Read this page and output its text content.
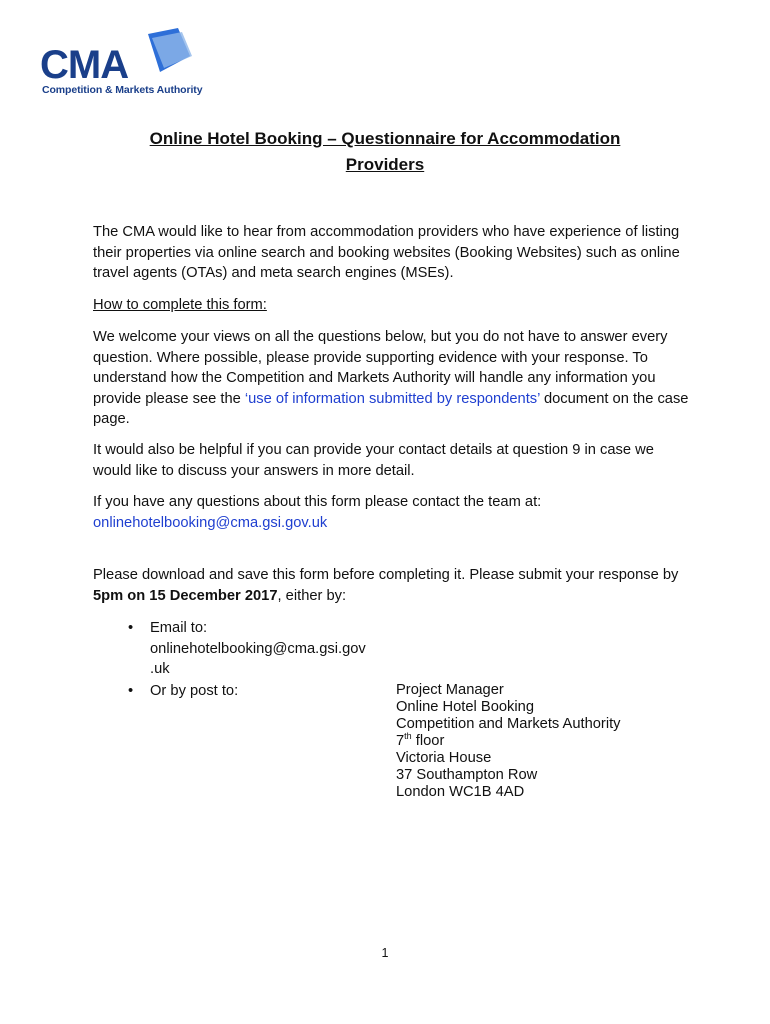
CMA
Competition & Markets Authority
Online Hotel Booking – Questionnaire for Accommodation
Providers
The CMA would like to hear from accommodation providers who have experience of listing their properties via online search and booking websites (Booking Websites) such as online travel agents (OTAs) and meta search engines (MSEs).
How to complete this form:
We welcome your views on all the questions below, but you do not have to answer every question. Where possible, please provide supporting evidence with your response. To understand how the Competition and Markets Authority will handle any information you provide please see the ‘use of information submitted by respondents’ document on the case page.
It would also be helpful if you can provide your contact details at question 9 in case we would like to discuss your answers in more detail.
If you have any questions about this form please contact the team at:
onlinehotelbooking@cma.gsi.gov.uk
Please download and save this form before completing it. Please submit your response by 5pm on 15 December 2017, either by:
• Email to:
onlinehotelbooking@cma.gsi.gov
.uk
• Or by post to:	Project Manager
Online Hotel Booking
Competition and Markets Authority
7th floor
Victoria House
37 Southampton Row
London WC1B 4AD
1
